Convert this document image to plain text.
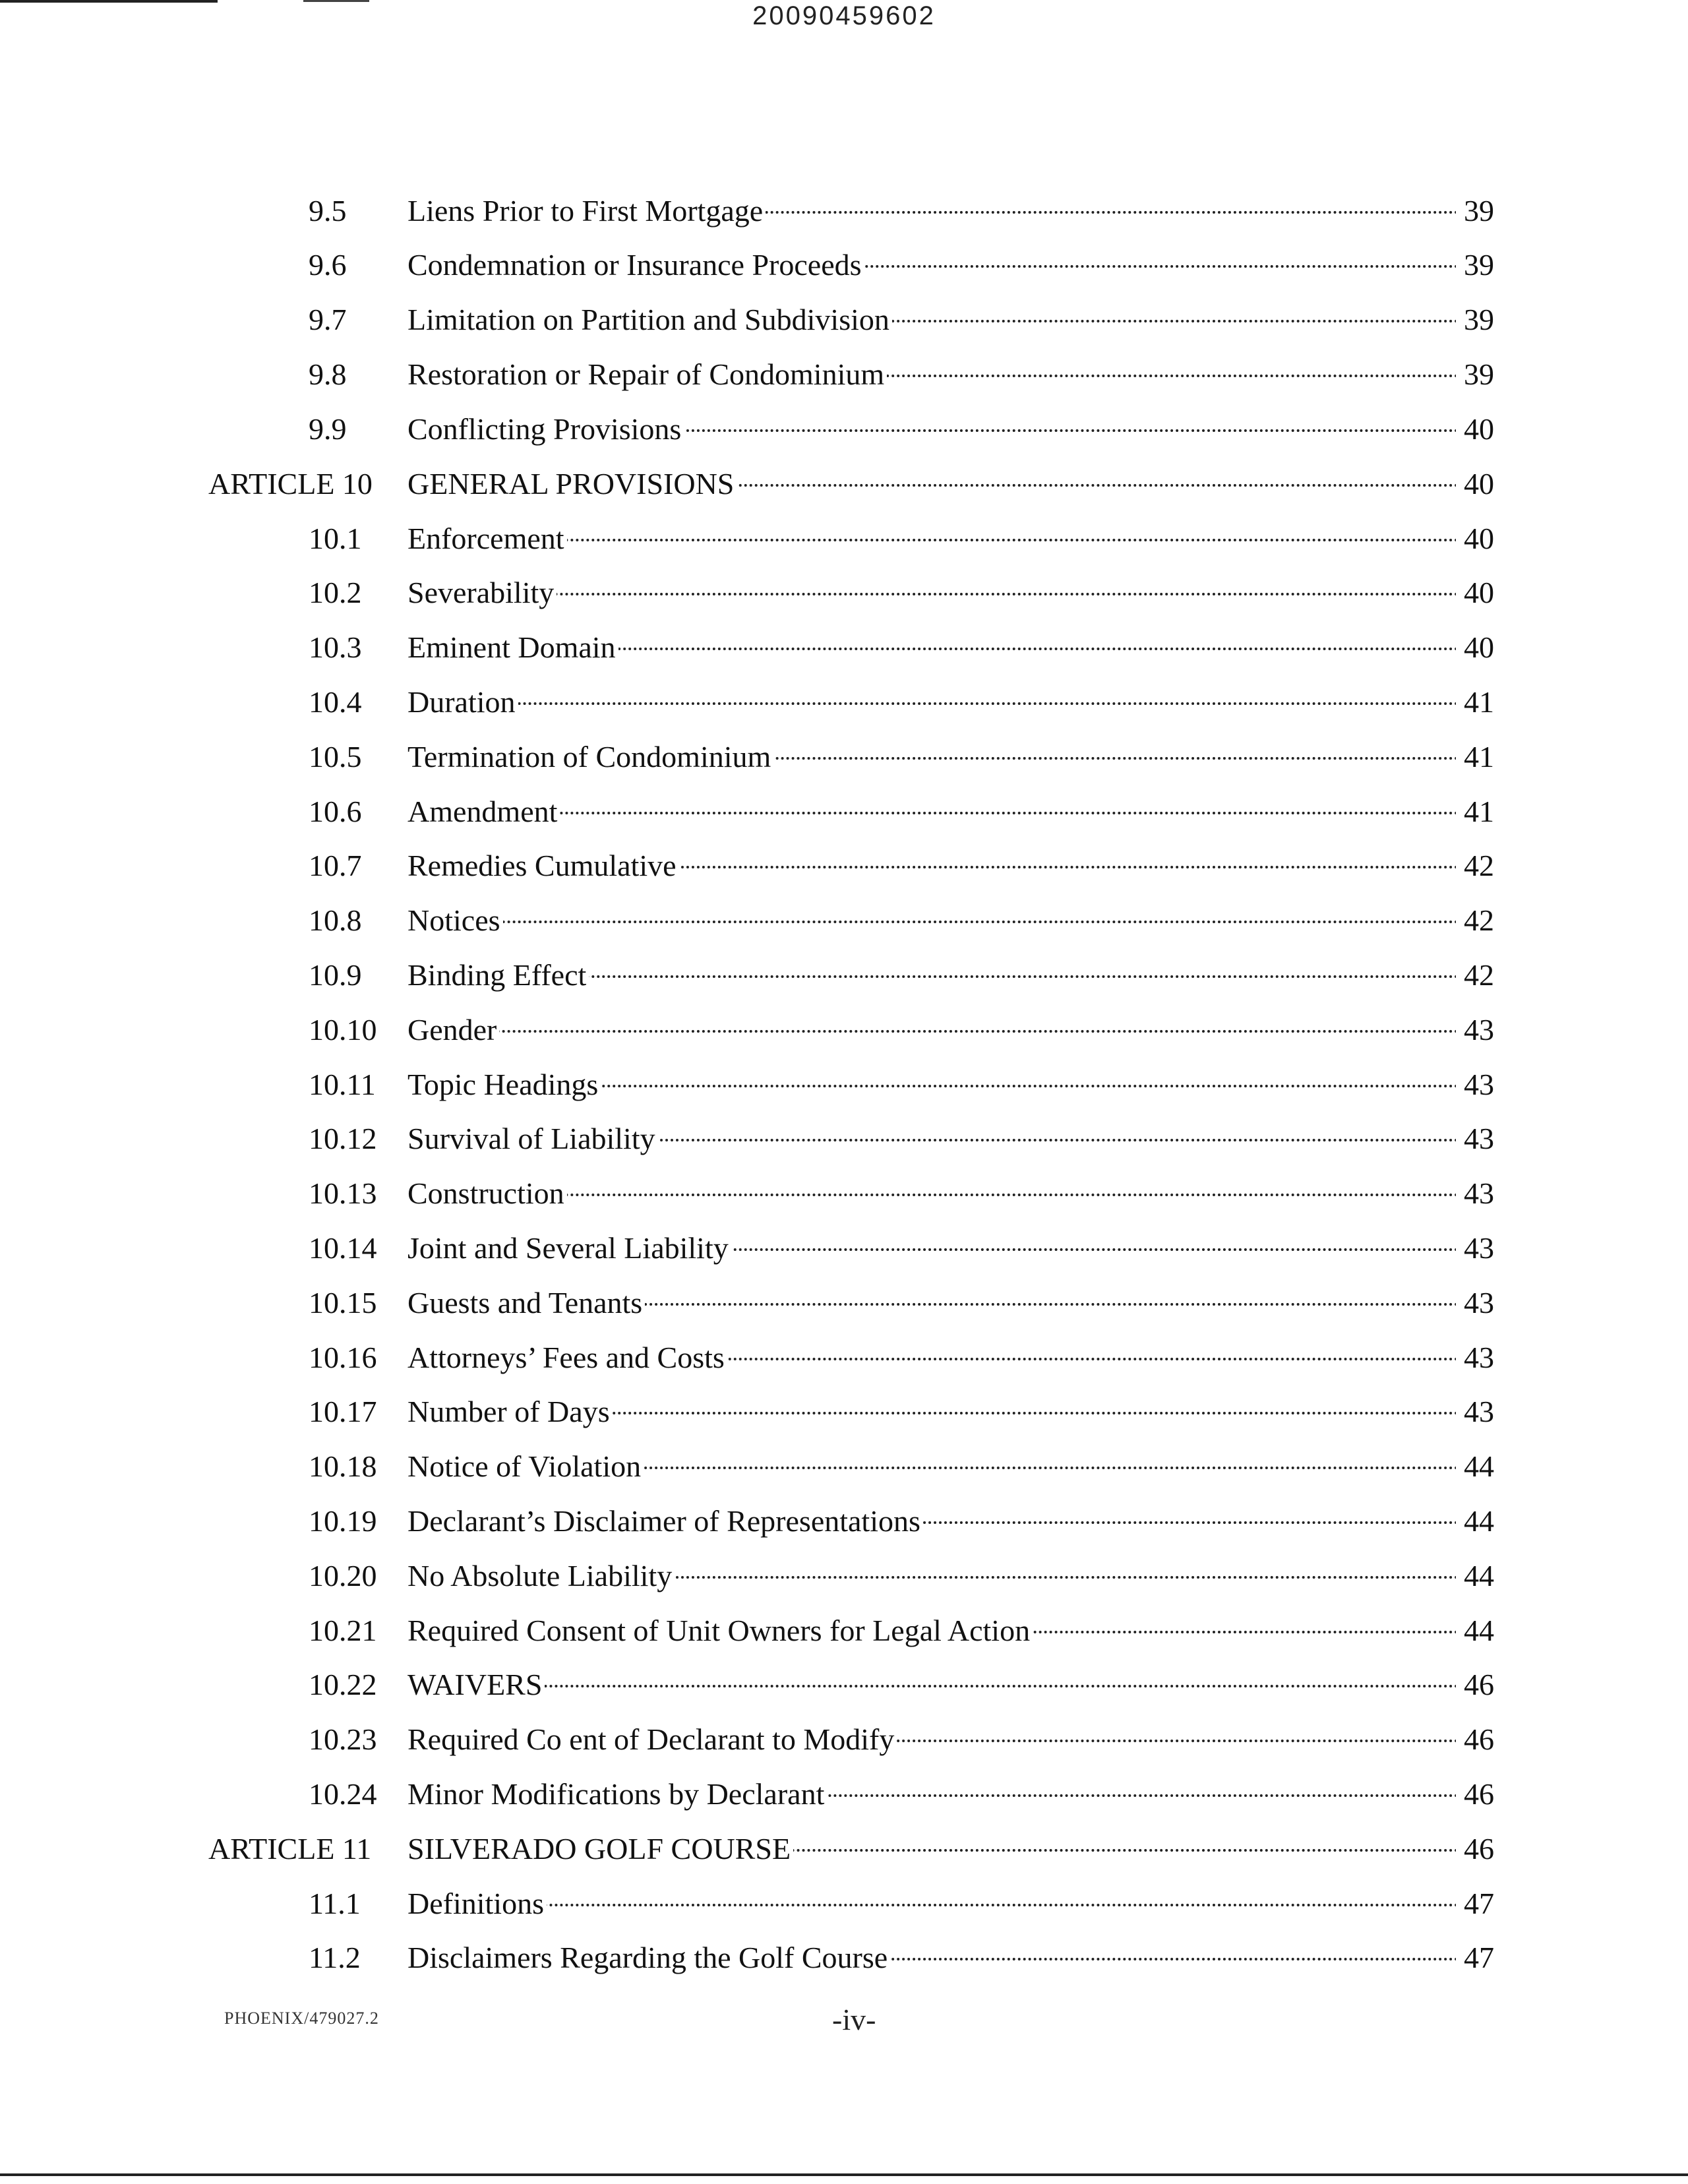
20090459602
9.5 Liens Prior to First Mortgage	39
9.6 Condemnation or Insurance Proceeds	39
9.7 Limitation on Partition and Subdivision	39
9.8 Restoration or Repair of Condominium	39
9.9 Conflicting Provisions	40
ARTICLE 10 GENERAL PROVISIONS	40
10.1 Enforcement	40
10.2 Severability	40
10.3 Eminent Domain	40
10.4 Duration	41
10.5 Termination of Condominium	41
10.6 Amendment	41
10.7 Remedies Cumulative	42
10.8 Notices	42
10.9 Binding Effect	42
10.10 Gender	43
10.11 Topic Headings	43
10.12 Survival of Liability	43
10.13 Construction	43
10.14 Joint and Several Liability	43
10.15 Guests and Tenants	43
10.16 Attorneys’ Fees and Costs	43
10.17 Number of Days	43
10.18 Notice of Violation	44
10.19 Declarant’s Disclaimer of Representations	44
10.20 No Absolute Liability	44
10.21 Required Consent of Unit Owners for Legal Action	44
10.22 WAIVERS	46
10.23 Required Co ent of Declarant to Modify	46
10.24 Minor Modifications by Declarant	46
ARTICLE 11 SILVERADO GOLF COURSE	46
11.1 Definitions	47
11.2 Disclaimers Regarding the Golf Course	47
PHOENIX/479027.2	-iv-
